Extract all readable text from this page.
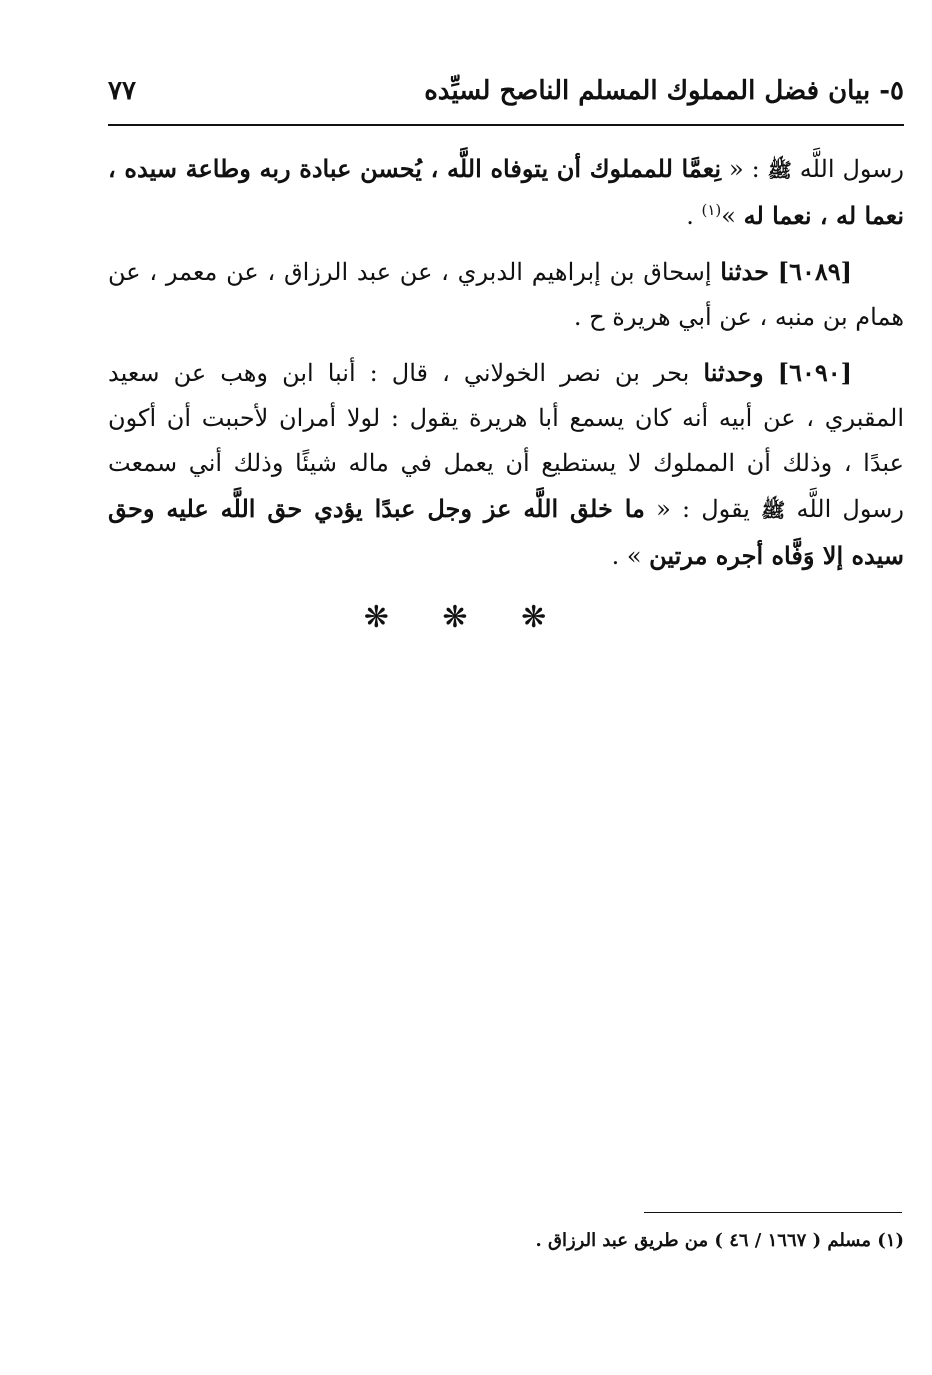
٥- بيان فضل المملوك المسلم الناصح لسيِّده
٧٧

رسول اللَّه ﷺ : « نِعمَّا للمملوك أن يتوفاه اللَّه ، يُحسن عبادة ربه وطاعة سيده ، نعما له ، نعما له »$^{(١)}$ .

[٦٠٨٩] حدثنا إسحاق بن إبراهيم الدبري ، عن عبد الرزاق ، عن معمر ، عن همام بن منبه ، عن أبي هريرة ح .

[٦٠٩٠] وحدثنا بحر بن نصر الخولاني ، قال : أنبا ابن وهب عن سعيد المقبري ، عن أبيه أنه كان يسمع أبا هريرة يقول : لولا أمران لأحببت أن أكون عبدًا ، وذلك أن المملوك لا يستطيع أن يعمل في ماله شيئًا وذلك أني سمعت رسول اللَّه ﷺ يقول : « ما خلق اللَّه عز وجل عبدًا يؤدي حق اللَّه عليه وحق سيده إلا وَفَّاه أجره مرتين » .

❋ ❋ ❋
(١) مسلم ( ١٦٦٧ / ٤٦ ) من طريق عبد الرزاق .
